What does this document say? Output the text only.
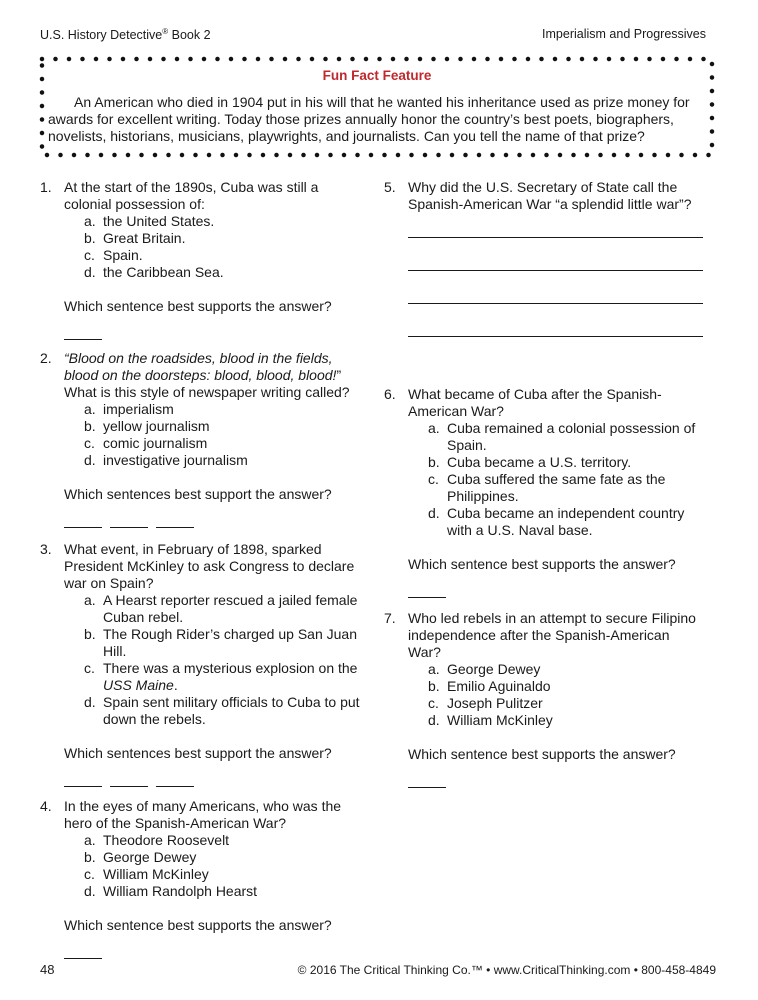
U.S. History Detective® Book 2	Imperialism and Progressives
Fun Fact Feature
An American who died in 1904 put in his will that he wanted his inheritance used as prize money for awards for excellent writing. Today those prizes annually honor the country’s best poets, biographers, novelists, historians, musicians, playwrights, and journalists. Can you tell the name of that prize?
1. At the start of the 1890s, Cuba was still a colonial possession of:
a. the United States.
b. Great Britain.
c. Spain.
d. the Caribbean Sea.
Which sentence best supports the answer?
2. “Blood on the roadsides, blood in the fields, blood on the doorsteps: blood, blood, blood!”
What is this style of newspaper writing called?
a. imperialism
b. yellow journalism
c. comic journalism
d. investigative journalism
Which sentences best support the answer?
3. What event, in February of 1898, sparked President McKinley to ask Congress to declare war on Spain?
a. A Hearst reporter rescued a jailed female Cuban rebel.
b. The Rough Rider’s charged up San Juan Hill.
c. There was a mysterious explosion on the USS Maine.
d. Spain sent military officials to Cuba to put down the rebels.
Which sentences best support the answer?
4. In the eyes of many Americans, who was the hero of the Spanish-American War?
a. Theodore Roosevelt
b. George Dewey
c. William McKinley
d. William Randolph Hearst
Which sentence best supports the answer?
5. Why did the U.S. Secretary of State call the Spanish-American War “a splendid little war”?
6. What became of Cuba after the Spanish-American War?
a. Cuba remained a colonial possession of Spain.
b. Cuba became a U.S. territory.
c. Cuba suffered the same fate as the Philippines.
d. Cuba became an independent country with a U.S. Naval base.
Which sentence best supports the answer?
7. Who led rebels in an attempt to secure Filipino independence after the Spanish-American War?
a. George Dewey
b. Emilio Aguinaldo
c. Joseph Pulitzer
d. William McKinley
Which sentence best supports the answer?
48	© 2016 The Critical Thinking Co.™ • www.CriticalThinking.com • 800-458-4849
